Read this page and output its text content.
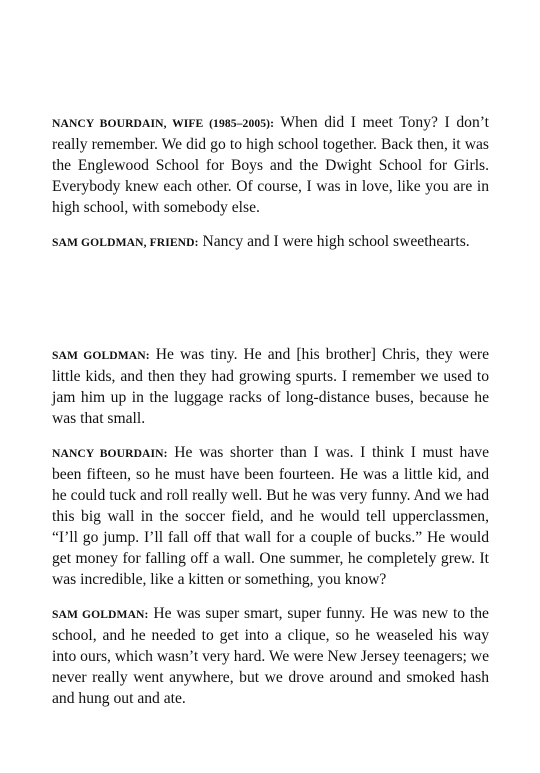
NANCY BOURDAIN, WIFE (1985–2005): When did I meet Tony? I don’t really remember. We did go to high school together. Back then, it was the Englewood School for Boys and the Dwight School for Girls. Everybody knew each other. Of course, I was in love, like you are in high school, with somebody else.

SAM GOLDMAN, FRIEND: Nancy and I were high school sweethearts.

SAM GOLDMAN: He was tiny. He and [his brother] Chris, they were little kids, and then they had growing spurts. I remember we used to jam him up in the luggage racks of long-distance buses, because he was that small.

NANCY BOURDAIN: He was shorter than I was. I think I must have been fifteen, so he must have been fourteen. He was a little kid, and he could tuck and roll really well. But he was very funny. And we had this big wall in the soccer field, and he would tell upperclassmen, “I’ll go jump. I’ll fall off that wall for a couple of bucks.” He would get money for falling off a wall. One summer, he completely grew. It was incredible, like a kitten or something, you know?

SAM GOLDMAN: He was super smart, super funny. He was new to the school, and he needed to get into a clique, so he weaseled his way into ours, which wasn’t very hard. We were New Jersey teenagers; we never really went anywhere, but we drove around and smoked hash and hung out and ate.
